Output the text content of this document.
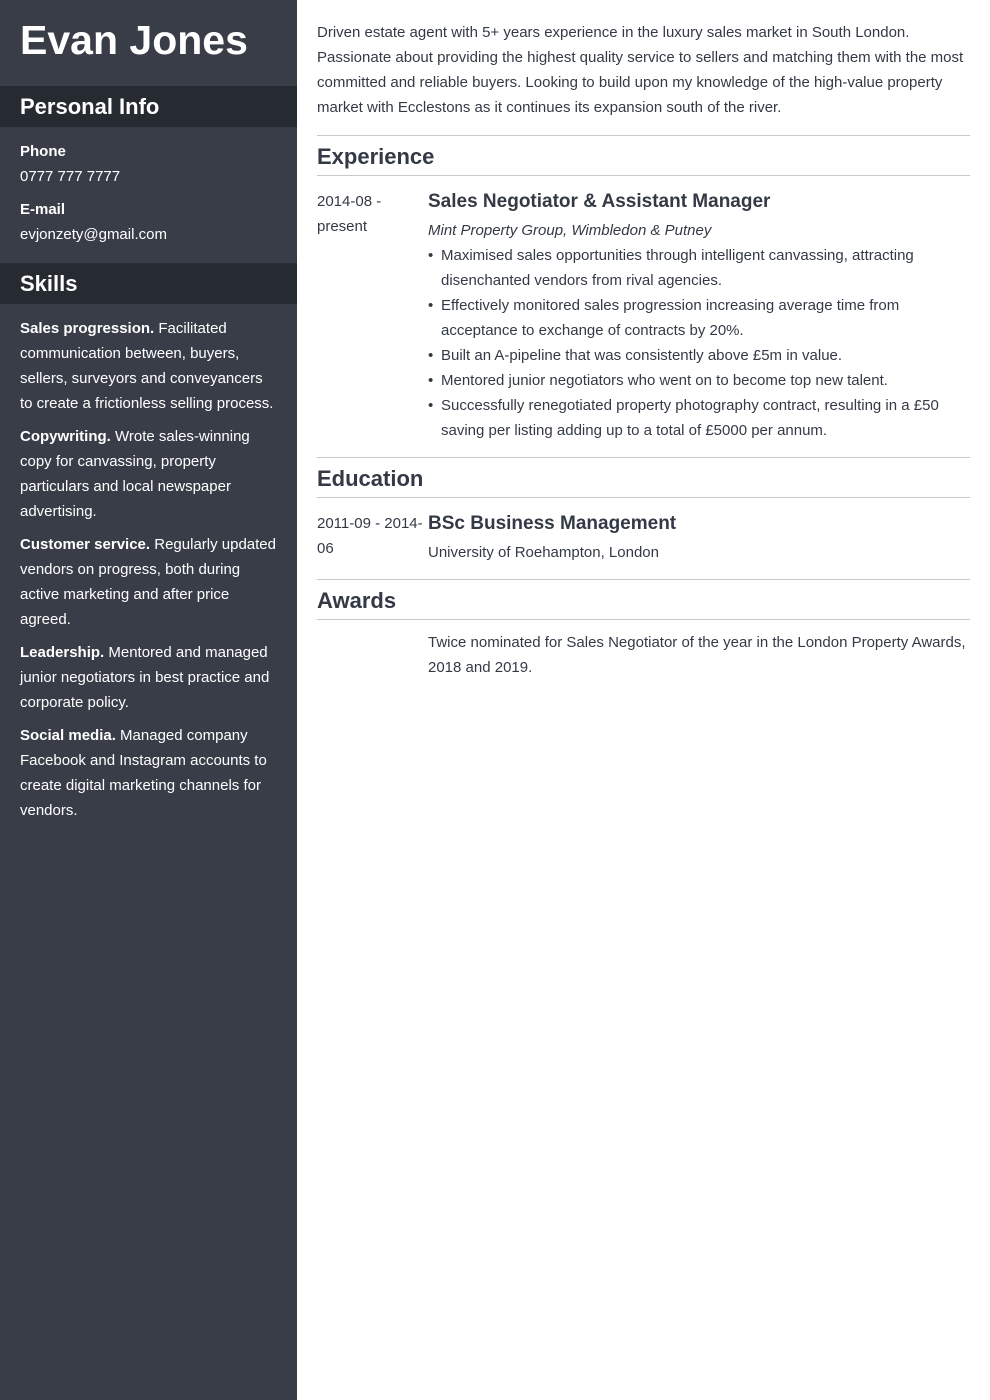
Evan Jones
Personal Info
Phone
0777 777 7777
E-mail
evjonzety@gmail.com
Skills
Sales progression. Facilitated communication between, buyers, sellers, surveyors and conveyancers to create a frictionless selling process.
Copywriting. Wrote sales-winning copy for canvassing, property particulars and local newspaper advertising.
Customer service. Regularly updated vendors on progress, both during active marketing and after price agreed.
Leadership. Mentored and managed junior negotiators in best practice and corporate policy.
Social media. Managed company Facebook and Instagram accounts to create digital marketing channels for vendors.
Driven estate agent with 5+ years experience in the luxury sales market in South London. Passionate about providing the highest quality service to sellers and matching them with the most committed and reliable buyers. Looking to build upon my knowledge of the high-value property market with Ecclestons as it continues its expansion south of the river.
Experience
2014-08 - present
Sales Negotiator & Assistant Manager
Mint Property Group, Wimbledon & Putney
• Maximised sales opportunities through intelligent canvassing, attracting disenchanted vendors from rival agencies.
• Effectively monitored sales progression increasing average time from acceptance to exchange of contracts by 20%.
• Built an A-pipeline that was consistently above £5m in value.
• Mentored junior negotiators who went on to become top new talent.
• Successfully renegotiated property photography contract, resulting in a £50 saving per listing adding up to a total of £5000 per annum.
Education
2011-09 - 2014-06
BSc Business Management
University of Roehampton, London
Awards
Twice nominated for Sales Negotiator of the year in the London Property Awards, 2018 and 2019.
